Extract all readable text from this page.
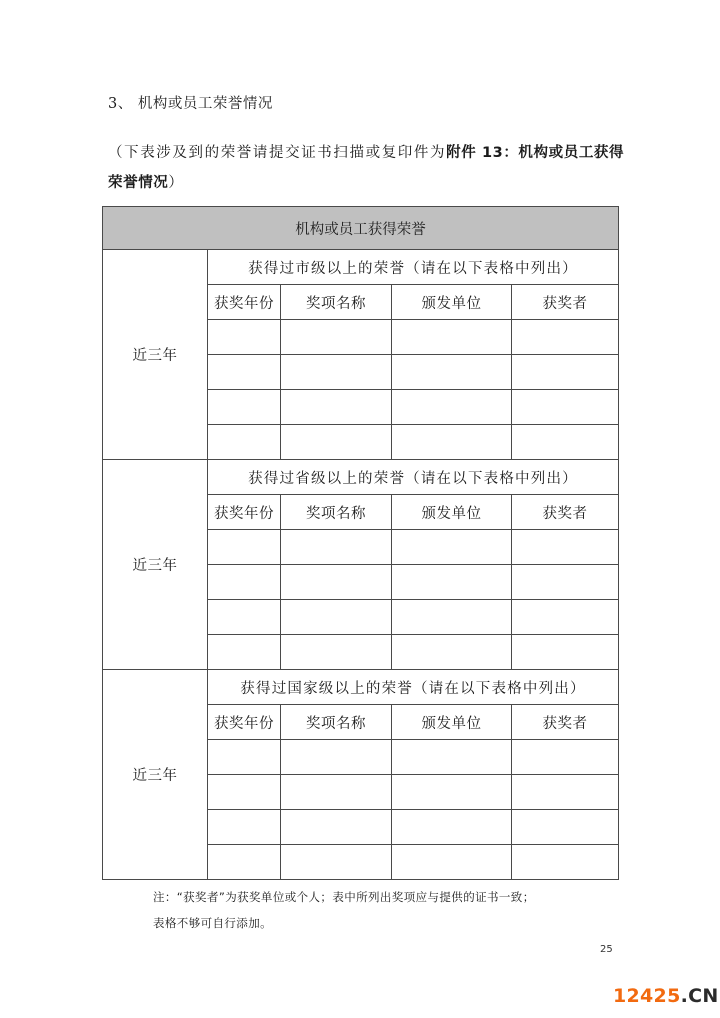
3、 机构或员工荣誉情况
（下表涉及到的荣誉请提交证书扫描或复印件为附件 13：机构或员工获得荣誉情况）
机构或员工获得荣誉				
近三年	获得过市级以上的荣誉（请在以下表格中列出）			
	获奖年份	奖项名称	颁发单位	获奖者

近三年	获得过省级以上的荣誉（请在以下表格中列出）			
	获奖年份	奖项名称	颁发单位	获奖者

近三年	获得过国家级以上的荣誉（请在以下表格中列出）			
	获奖年份	奖项名称	颁发单位	获奖者

注：“获奖者”为获奖单位或个人；表中所列出奖项应与提供的证书一致；
表格不够可自行添加。
25
12425.CN
